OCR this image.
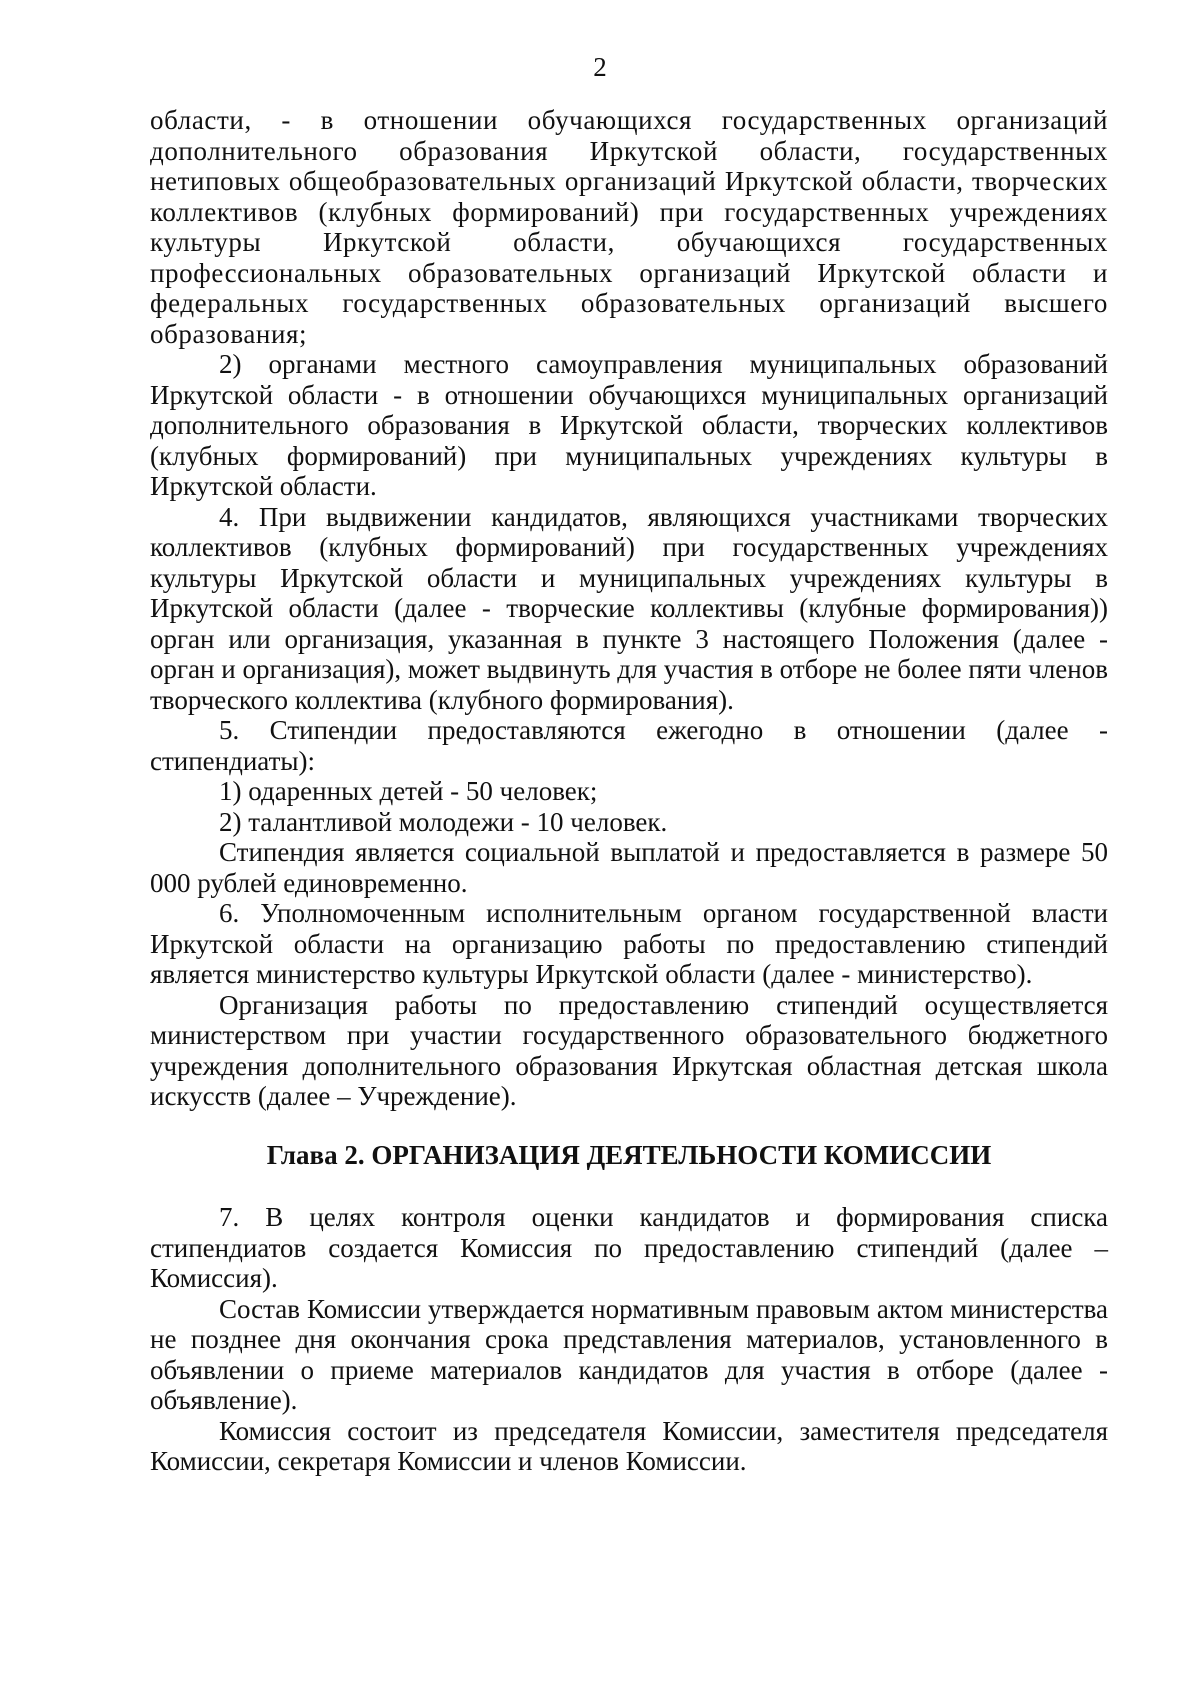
2

области, - в отношении обучающихся государственных организаций дополнительного образования Иркутской области, государственных нетиповых общеобразовательных организаций Иркутской области, творческих коллективов (клубных формирований) при государственных учреждениях культуры Иркутской области, обучающихся государственных профессиональных образовательных организаций Иркутской области и федеральных государственных образовательных организаций высшего образования;

2) органами местного самоуправления муниципальных образований Иркутской области - в отношении обучающихся муниципальных организаций дополнительного образования в Иркутской области, творческих коллективов (клубных формирований) при муниципальных учреждениях культуры в Иркутской области.

4. При выдвижении кандидатов, являющихся участниками творческих коллективов (клубных формирований) при государственных учреждениях культуры Иркутской области и муниципальных учреждениях культуры в Иркутской области (далее - творческие коллективы (клубные формирования)) орган или организация, указанная в пункте 3 настоящего Положения (далее - орган и организация), может выдвинуть для участия в отборе не более пяти членов творческого коллектива (клубного формирования).

5. Стипендии предоставляются ежегодно в отношении (далее - стипендиаты):

1) одаренных детей - 50 человек;

2) талантливой молодежи - 10 человек.

Стипендия является социальной выплатой и предоставляется в размере 50 000 рублей единовременно.

6. Уполномоченным исполнительным органом государственной власти Иркутской области на организацию работы по предоставлению стипендий является министерство культуры Иркутской области (далее - министерство).

Организация работы по предоставлению стипендий осуществляется министерством при участии государственного образовательного бюджетного учреждения дополнительного образования Иркутская областная детская школа искусств (далее – Учреждение).

Глава 2. ОРГАНИЗАЦИЯ ДЕЯТЕЛЬНОСТИ КОМИССИИ

7. В целях контроля оценки кандидатов и формирования списка стипендиатов создается Комиссия по предоставлению стипендий (далее – Комиссия).

Состав Комиссии утверждается нормативным правовым актом министерства не позднее дня окончания срока представления материалов, установленного в объявлении о приеме материалов кандидатов для участия в отборе (далее - объявление).

Комиссия состоит из председателя Комиссии, заместителя председателя Комиссии, секретаря Комиссии и членов Комиссии.
